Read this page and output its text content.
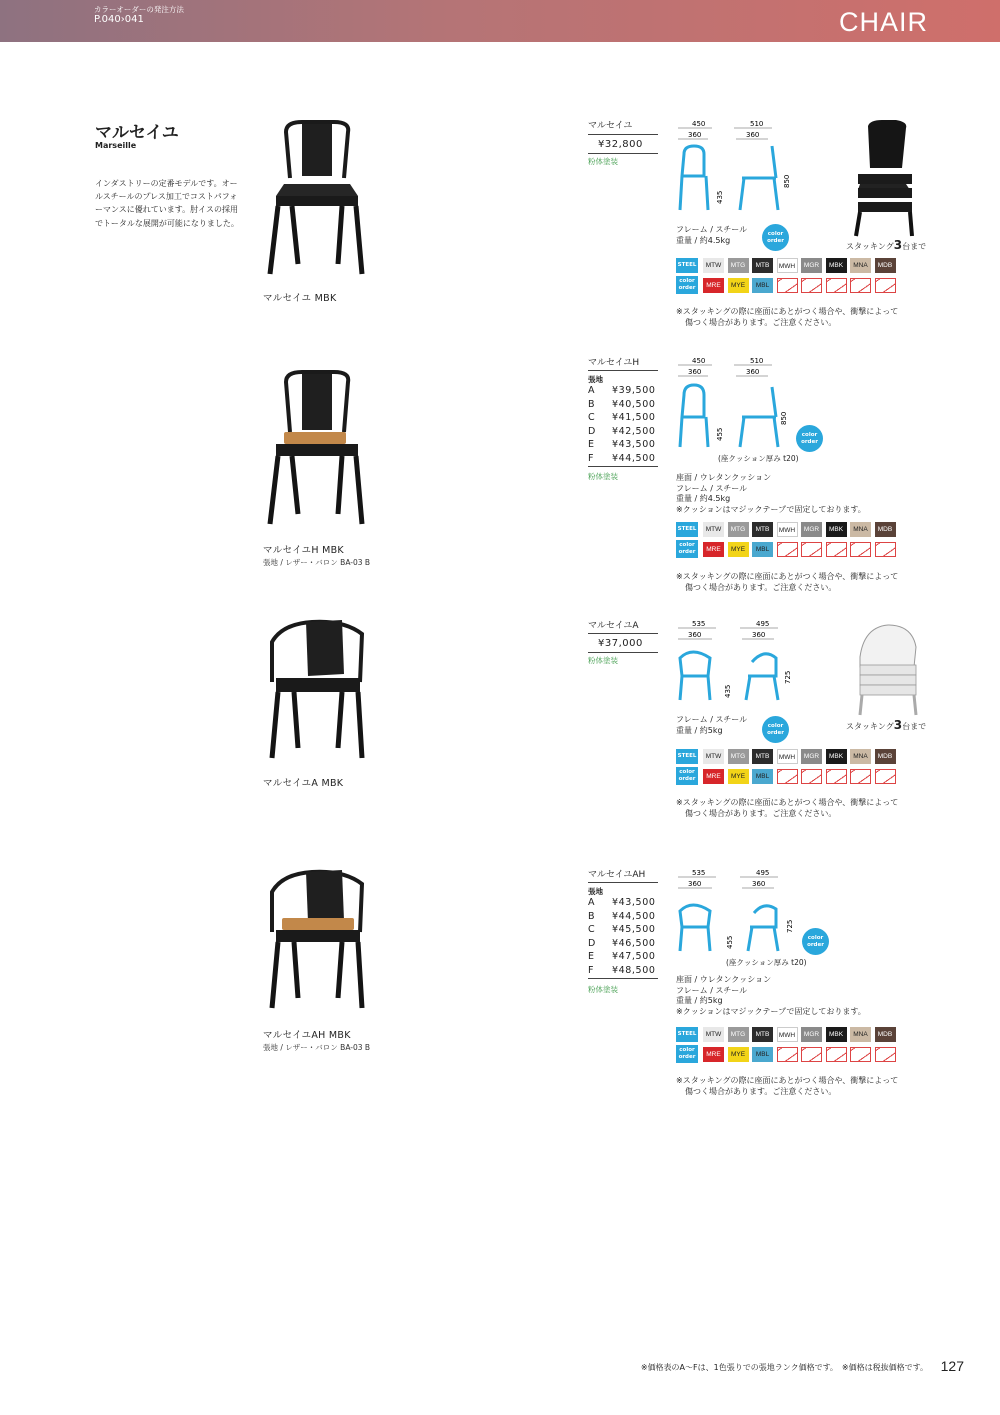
カラーオーダーの発注方法
P.040›041	CHAIR
マルセイユ
Marseille
インダストリーの定番モデルです。オールスチールのプレス加工でコストパフォーマンスに優れています。肘イスの採用でトータルな展開が可能になりました。
マルセイユ MBK
マルセイユ
¥32,800
粉体塗装
450
360
510
360
435
850
フレーム / スチール
重量 / 約4.5kg
color
order
スタッキング3台まで
STEEL
color order
MTW	MTG	MTB	MWH	MGR	MBK	MNA	MDB
MRE	MYE	MBL
※スタッキングの際に座面にあとがつく場合や、衝撃によって
傷つく場合があります。ご注意ください。
マルセイユH MBK
張地 / レザー・バロン BA-03 B
マルセイユH
張地
A ¥39,500
B ¥40,500
C ¥41,500
D ¥42,500
E ¥43,500
F ¥44,500
粉体塗装
450
360
510
360
455
850
(座クッション厚み t20)
color
order
座面 / ウレタンクッション
フレーム / スチール
重量 / 約4.5kg
※クッションはマジックテープで固定しております。
STEEL
color order
MTW	MTG	MTB	MWH	MGR	MBK	MNA	MDB
MRE	MYE	MBL
※スタッキングの際に座面にあとがつく場合や、衝撃によって
傷つく場合があります。ご注意ください。
マルセイユA MBK
マルセイユA
¥37,000
粉体塗装
535
360
495
360
435
725
フレーム / スチール
重量 / 約5kg	color
order
スタッキング3台まで
STEEL
color order
MTW	MTG	MTB	MWH	MGR	MBK	MNA	MDB
MRE	MYE	MBL
※スタッキングの際に座面にあとがつく場合や、衝撃によって
傷つく場合があります。ご注意ください。
マルセイユAH MBK
張地 / レザー・バロン BA-03 B
マルセイユAH
張地
A ¥43,500
B ¥44,500
C ¥45,500
D ¥46,500
E ¥47,500
F ¥48,500
粉体塗装
535
360
495
360
455
725
(座クッション厚み t20)
color
order
座面 / ウレタンクッション
フレーム / スチール
重量 / 約5kg
※クッションはマジックテープで固定しております。
STEEL
color order
MTW	MTG	MTB	MWH	MGR	MBK	MNA	MDB
MRE	MYE	MBL
※スタッキングの際に座面にあとがつく場合や、衝撃によって
傷つく場合があります。ご注意ください。
※価格表のA～Fは、1色張りでの張地ランク価格です。　※価格は税抜価格です。 127
